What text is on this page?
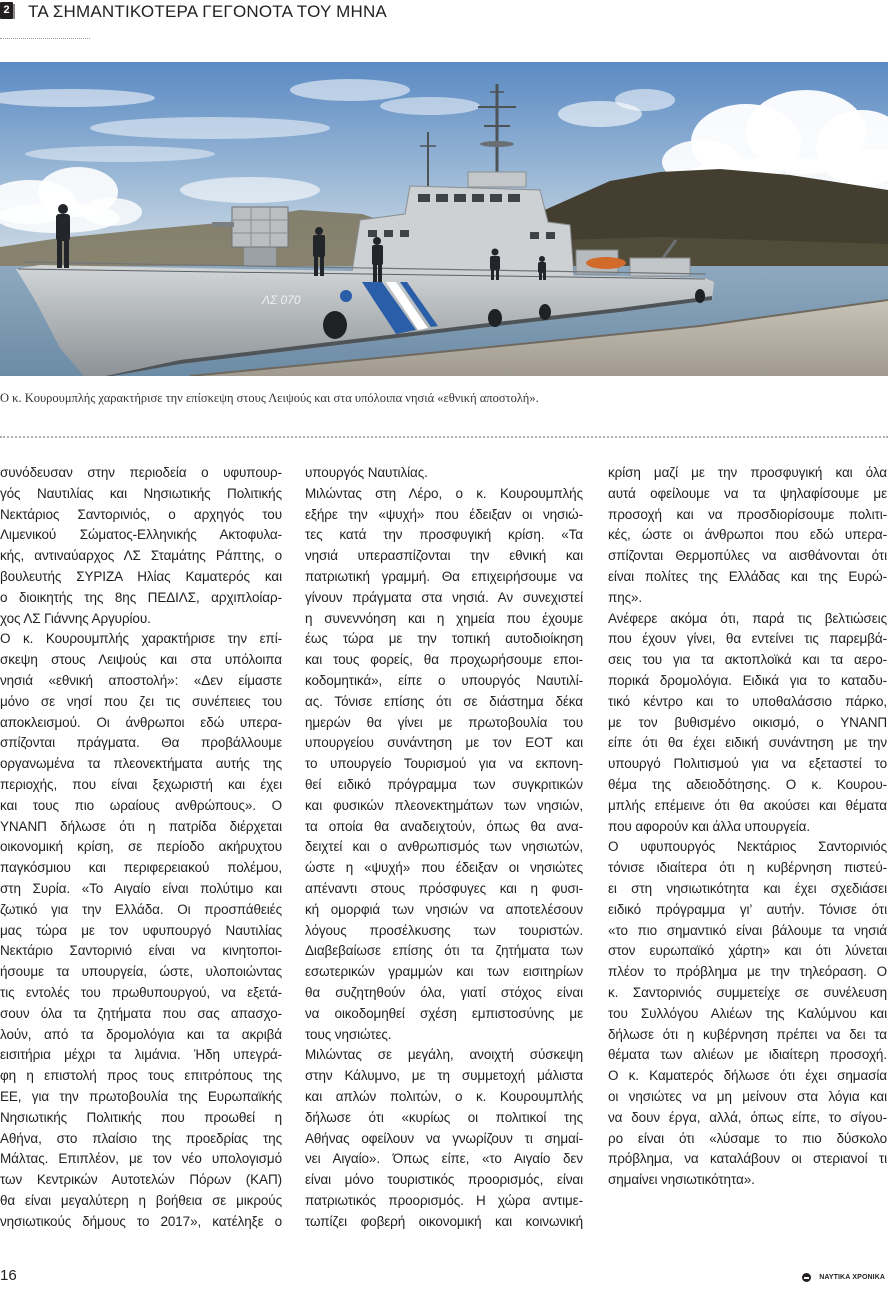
2 ΤΑ ΣΗΜΑΝΤΙΚΟΤΕΡΑ ΓΕΓΟΝΟΤΑ ΤΟΥ ΜΗΝΑ
ΛΣ 070
Ο κ. Κουρουμπλής χαρακτήρισε την επίσκεψη στους Λειψούς και στα υπόλοιπα νησιά «εθνική αποστολή».
συνόδευσαν στην περιοδεία ο υφυπουρ-
γός Ναυτιλίας και Νησιωτικής Πολιτικής
Νεκτάριος Σαντορινιός, ο αρχηγός του
Λιμενικού Σώματος-Ελληνικής Ακτοφυλα-
κής, αντιναύαρχος ΛΣ Σταμάτης Ράπτης, ο
βουλευτής ΣΥΡΙΖΑ Ηλίας Καματερός και
ο διοικητής της 8ης ΠΕΔΙΛΣ, αρχιπλοίαρ-
χος ΛΣ Γιάννης Αργυρίου.
Ο κ. Κουρουμπλής χαρακτήρισε την επί-
σκεψη στους Λειψούς και στα υπόλοιπα
νησιά «εθνική αποστολή»: «Δεν είμαστε
μόνο σε νησί που ζει τις συνέπειες του
αποκλεισμού. Οι άνθρωποι εδώ υπερα-
σπίζονται πράγματα. Θα προβάλλουμε
οργανωμένα τα πλεονεκτήματα αυτής της
περιοχής, που είναι ξεχωριστή και έχει
και τους πιο ωραίους ανθρώπους». Ο
ΥΝΑΝΠ δήλωσε ότι η πατρίδα διέρχεται
οικονομική κρίση, σε περίοδο ακήρυχτου
παγκόσμιου και περιφερειακού πολέμου,
στη Συρία. «Το Αιγαίο είναι πολύτιμο και
ζωτικό για την Ελλάδα. Οι προσπάθειές
μας τώρα με τον υφυπουργό Ναυτιλίας
Νεκτάριο Σαντορινιό είναι να κινητοποι-
ήσουμε τα υπουργεία, ώστε, υλοποιώντας
τις εντολές του πρωθυπουργού, να εξετά-
σουν όλα τα ζητήματα που σας απασχο-
λούν, από τα δρομολόγια και τα ακριβά
εισιτήρια μέχρι τα λιμάνια. Ήδη υπεγρά-
φη η επιστολή προς τους επιτρόπους της
ΕΕ, για την πρωτοβουλία της Ευρωπαϊκής
Νησιωτικής Πολιτικής που προωθεί η
Αθήνα, στο πλαίσιο της προεδρίας της
Μάλτας. Επιπλέον, με τον νέο υπολογισμό
των Κεντρικών Αυτοτελών Πόρων (ΚΑΠ)
θα είναι μεγαλύτερη η βοήθεια σε μικρούς
νησιωτικούς δήμους το 2017», κατέληξε ο
υπουργός Ναυτιλίας.
Μιλώντας στη Λέρο, ο κ. Κουρουμπλής
εξήρε την «ψυχή» που έδειξαν οι νησιώ-
τες κατά την προσφυγική κρίση. «Τα
νησιά υπερασπίζονται την εθνική και
πατριωτική γραμμή. Θα επιχειρήσουμε να
γίνουν πράγματα στα νησιά. Αν συνεχιστεί
η συνεννόηση και η χημεία που έχουμε
έως τώρα με την τοπική αυτοδιοίκηση
και τους φορείς, θα προχωρήσουμε εποι-
κοδομητικά», είπε ο υπουργός Ναυτιλί-
ας. Τόνισε επίσης ότι σε διάστημα δέκα
ημερών θα γίνει με πρωτοβουλία του
υπουργείου συνάντηση με τον ΕΟΤ και
το υπουργείο Τουρισμού για να εκπονη-
θεί ειδικό πρόγραμμα των συγκριτικών
και φυσικών πλεονεκτημάτων των νησιών,
τα οποία θα αναδειχτούν, όπως θα ανα-
δειχτεί και ο ανθρωπισμός των νησιωτών,
ώστε η «ψυχή» που έδειξαν οι νησιώτες
απέναντι στους πρόσφυγες και η φυσι-
κή ομορφιά των νησιών να αποτελέσουν
λόγους προσέλκυσης των τουριστών.
Διαβεβαίωσε επίσης ότι τα ζητήματα των
εσωτερικών γραμμών και των εισιτηρίων
θα συζητηθούν όλα, γιατί στόχος είναι
να οικοδομηθεί σχέση εμπιστοσύνης με
τους νησιώτες.
Μιλώντας σε μεγάλη, ανοιχτή σύσκεψη
στην Κάλυμνο, με τη συμμετοχή μάλιστα
και απλών πολιτών, ο κ. Κουρουμπλής
δήλωσε ότι «κυρίως οι πολιτικοί της
Αθήνας οφείλουν να γνωρίζουν τι σημαί-
νει Αιγαίο». Όπως είπε, «το Αιγαίο δεν
είναι μόνο τουριστικός προορισμός, είναι
πατριωτικός προορισμός. Η χώρα αντιμε-
τωπίζει φοβερή οικονομική και κοινωνική
κρίση μαζί με την προσφυγική και όλα
αυτά οφείλουμε να τα ψηλαφίσουμε με
προσοχή και να προσδιορίσουμε πολιτι-
κές, ώστε οι άνθρωποι που εδώ υπερα-
σπίζονται Θερμοπύλες να αισθάνονται ότι
είναι πολίτες της Ελλάδας και της Ευρώ-
πης».
Ανέφερε ακόμα ότι, παρά τις βελτιώσεις
που έχουν γίνει, θα εντείνει τις παρεμβά-
σεις του για τα ακτοπλοϊκά και τα αερο-
πορικά δρομολόγια. Ειδικά για το καταδυ-
τικό κέντρο και το υποθαλάσσιο πάρκο,
με τον βυθισμένο οικισμό, ο ΥΝΑΝΠ
είπε ότι θα έχει ειδική συνάντηση με την
υπουργό Πολιτισμού για να εξεταστεί το
θέμα της αδειοδότησης. Ο κ. Κουρου-
μπλής επέμεινε ότι θα ακούσει και θέματα
που αφορούν και άλλα υπουργεία.
Ο υφυπουργός Νεκτάριος Σαντορινιός
τόνισε ιδιαίτερα ότι η κυβέρνηση πιστεύ-
ει στη νησιωτικότητα και έχει σχεδιάσει
ειδικό πρόγραμμα γι’ αυτήν. Τόνισε ότι
«το πιο σημαντικό είναι βάλουμε τα νησιά
στον ευρωπαϊκό χάρτη» και ότι λύνεται
πλέον το πρόβλημα με την τηλεόραση. Ο
κ. Σαντορινιός συμμετείχε σε συνέλευση
του Συλλόγου Αλιέων της Καλύμνου και
δήλωσε ότι η κυβέρνηση πρέπει να δει τα
θέματα των αλιέων με ιδιαίτερη προσοχή.
Ο κ. Καματερός δήλωσε ότι έχει σημασία
οι νησιώτες να μη μείνουν στα λόγια και
να δουν έργα, αλλά, όπως είπε, το σίγου-
ρο είναι ότι «λύσαμε το πιο δύσκολο
πρόβλημα, να καταλάβουν οι στεριανοί τι
σημαίνει νησιωτικότητα».
16	ΝΑΥΤΙΚΑ ΧΡΟΝΙΚΑ
